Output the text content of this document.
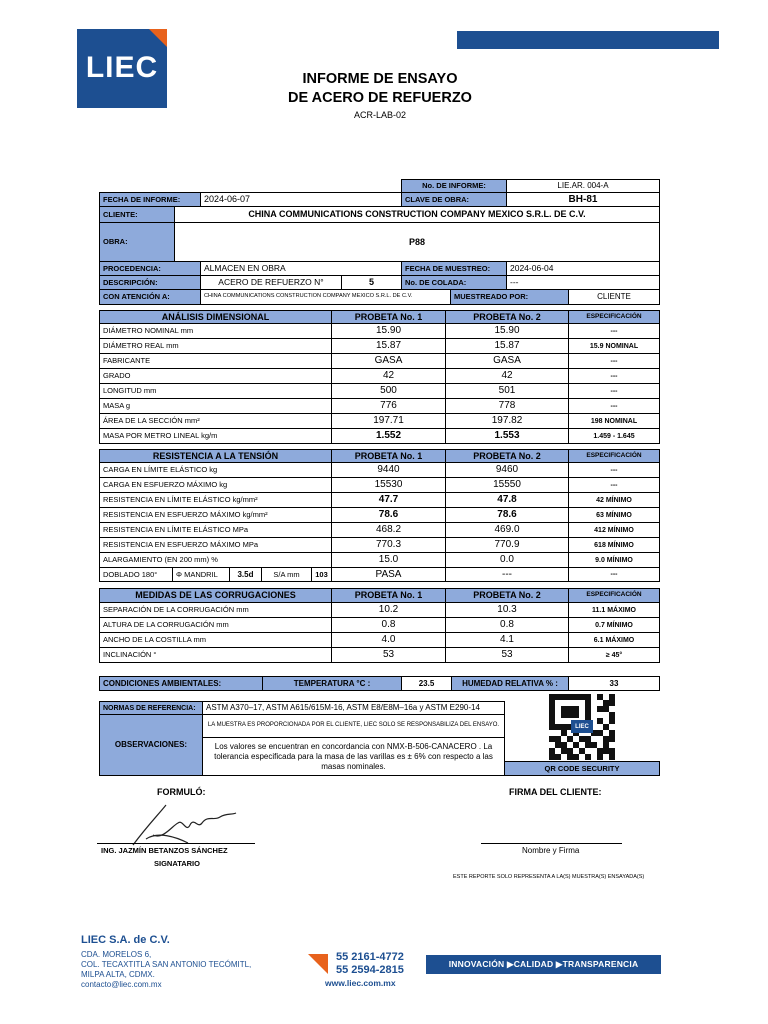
LIEC	INFORME DE ENSAYO
DE ACERO DE REFUERZO
ACR-LAB-02
No. DE INFORME:	LIE.AR. 004-A
FECHA DE INFORME:	2024-06-07	CLAVE DE OBRA:	BH-81
CLIENTE:	CHINA COMMUNICATIONS CONSTRUCTION COMPANY MEXICO S.R.L. DE C.V.
OBRA:	P88
PROCEDENCIA:	ALMACEN EN OBRA	FECHA DE MUESTREO:	2024-06-04
DESCRIPCIÓN:	ACERO DE REFUERZO N°	5	No. DE COLADA:	---
CON ATENCIÓN A:	CHINA COMMUNICATIONS CONSTRUCTION COMPANY MEXICO S.R.L. DE C.V.	MUESTREADO POR:	CLIENTE
ANÁLISIS DIMENSIONAL	PROBETA No. 1	PROBETA No. 2	ESPECIFICACIÓN
DIÁMETRO NOMINAL mm	15.90	15.90	---
DIÁMETRO REAL mm	15.87	15.87	15.9 NOMINAL
FABRICANTE	GASA	GASA	---
GRADO	42	42	---
LONGITUD mm	500	501	---
MASA g	776	778	---
ÁREA DE LA SECCIÓN mm²	197.71	197.82	198 NOMINAL
MASA POR METRO LINEAL kg/m	1.552	1.553	1.459 - 1.645
RESISTENCIA A LA TENSIÓN	PROBETA No. 1	PROBETA No. 2	ESPECIFICACIÓN
CARGA EN LÍMITE ELÁSTICO kg	9440	9460	---
CARGA EN ESFUERZO MÁXIMO kg	15530	15550	---
RESISTENCIA EN LÍMITE ELÁSTICO kg/mm²	47.7	47.8	42 MÍNIMO
RESISTENCIA EN ESFUERZO MÁXIMO kg/mm²	78.6	78.6	63 MÍNIMO
RESISTENCIA EN LÍMITE ELÁSTICO MPa	468.2	469.0	412 MÍNIMO
RESISTENCIA EN ESFUERZO MÁXIMO MPa	770.3	770.9	618 MÍNIMO
ALARGAMIENTO (EN 200 mm) %	15.0	0.0	9.0 MÍNIMO
DOBLADO 180°	Φ MANDRIL	3.5d	S/A mm	103	PASA	---	---
MEDIDAS DE LAS CORRUGACIONES	PROBETA No. 1	PROBETA No. 2	ESPECIFICACIÓN
SEPARACIÓN DE LA CORRUGACIÓN mm	10.2	10.3	11.1 MÁXIMO
ALTURA DE LA CORRUGACIÓN mm	0.8	0.8	0.7 MÍNIMO
ANCHO DE LA COSTILLA mm	4.0	4.1	6.1 MÁXIMO
INCLINACIÓN °	53	53	≥ 45°
CONDICIONES AMBIENTALES:	TEMPERATURA °C :	23.5	HUMEDAD RELATIVA % :	33
NORMAS DE REFERENCIA:	ASTM A370–17, ASTM A615/615M-16, ASTM E8/E8M–16a y ASTM E290-14
OBSERVACIONES:
LA MUESTRA ES PROPORCIONADA POR EL CLIENTE, LIEC SOLO SE RESPONSABILIZA DEL ENSAYO.
Los valores se encuentran en concordancia con NMX-B-506-CANACERO . La tolerancia especificada para la masa de las varillas es ± 6% con respecto a las masas nominales.
LIEC
QR CODE SECURITY
FORMULÓ:	FIRMA DEL CLIENTE:
ING. JAZMÍN BETANZOS SÁNCHEZ
SIGNATARIO
Nombre y Firma
ESTE REPORTE SOLO REPRESENTA A LA(S) MUESTRA(S) ENSAYADA(S)
LIEC S.A. de C.V.
CDA. MORELOS 6,
COL. TECAXTITLA SAN ANTONIO TECÓMITL,
MILPA ALTA, CDMX.
contacto@liec.com.mx
55 2161-4772
55 2594-2815
www.liec.com.mx
INNOVACIÓN ▶CALIDAD ▶TRANSPARENCIA
